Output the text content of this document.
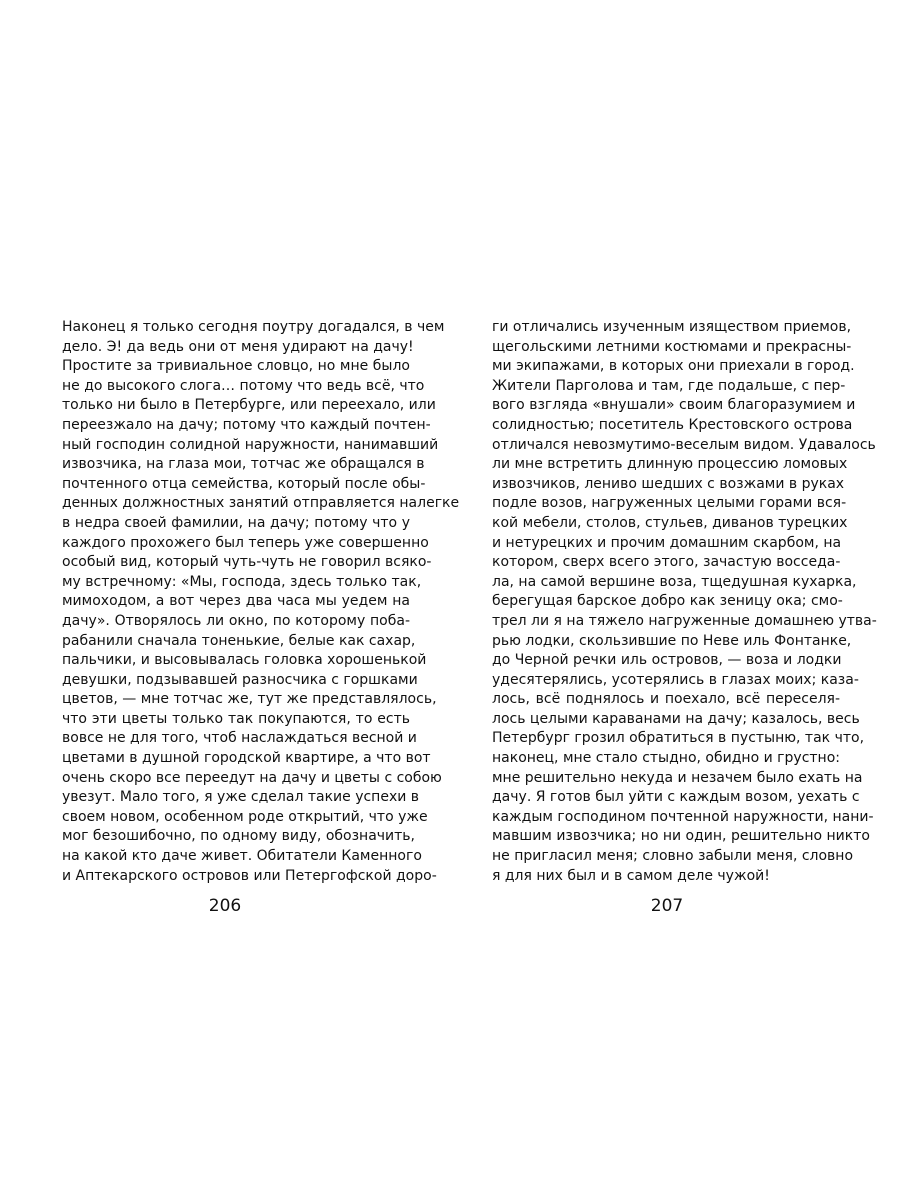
Наконец я только сегодня поутру догадался, в чем
дело. Э! да ведь они от меня удирают на дачу!
Простите за тривиальное словцо, но мне было
не до высокого слога… потому что ведь всё, что
только ни было в Петербурге, или переехало, или
переезжало на дачу; потому что каждый почтен-
ный господин солидной наружности, нанимавший
извозчика, на глаза мои, тотчас же обращался в
почтенного отца семейства, который после обы-
денных должностных занятий отправляется налегке
в недра своей фамилии, на дачу; потому что у
каждого прохожего был теперь уже совершенно
особый вид, который чуть-чуть не говорил всяко-
му встречному: «Мы, господа, здесь только так,
мимоходом, а вот через два часа мы уедем на
дачу». Отворялось ли окно, по которому поба-
рабанили сначала тоненькие, белые как сахар,
пальчики, и высовывалась головка хорошенькой
девушки, подзывавшей разносчика с горшками
цветов, — мне тотчас же, тут же представлялось,
что эти цветы только так покупаются, то есть
вовсе не для того, чтоб наслаждаться весной и
цветами в душной городской квартире, а что вот
очень скоро все переедут на дачу и цветы с собою
увезут. Мало того, я уже сделал такие успехи в
своем новом, особенном роде открытий, что уже
мог безошибочно, по одному виду, обозначить,
на какой кто даче живет. Обитатели Каменного
и Аптекарского островов или Петергофской доро-
ги отличались изученным изяществом приемов,
щегольскими летними костюмами и прекрасны-
ми экипажами, в которых они приехали в город.
Жители Парголова и там, где подальше, с пер-
вого взгляда «внушали» своим благоразумием и
солидностью; посетитель Крестовского острова
отличался невозмутимо-веселым видом. Удавалось
ли мне встретить длинную процессию ломовых
извозчиков, лениво шедших с возжами в руках
подле возов, нагруженных целыми горами вся-
кой мебели, столов, стульев, диванов турецких
и нетурецких и прочим домашним скарбом, на
котором, сверх всего этого, зачастую восседа-
ла, на самой вершине воза, тщедушная кухарка,
берегущая барское добро как зеницу ока; смо-
трел ли я на тяжело нагруженные домашнею утва-
рью лодки, скользившие по Неве иль Фонтанке,
до Черной речки иль островов, — воза и лодки
удесятерялись, усотерялись в глазах моих; каза-
лось, всё поднялось и поехало, всё переселя-
лось целыми караванами на дачу; казалось, весь
Петербург грозил обратиться в пустыню, так что,
наконец, мне стало стыдно, обидно и грустно:
мне решительно некуда и незачем было ехать на
дачу. Я готов был уйти с каждым возом, уехать с
каждым господином почтенной наружности, нани-
мавшим извозчика; но ни один, решительно никто
не пригласил меня; словно забыли меня, словно
я для них был и в самом деле чужой!
206	207
